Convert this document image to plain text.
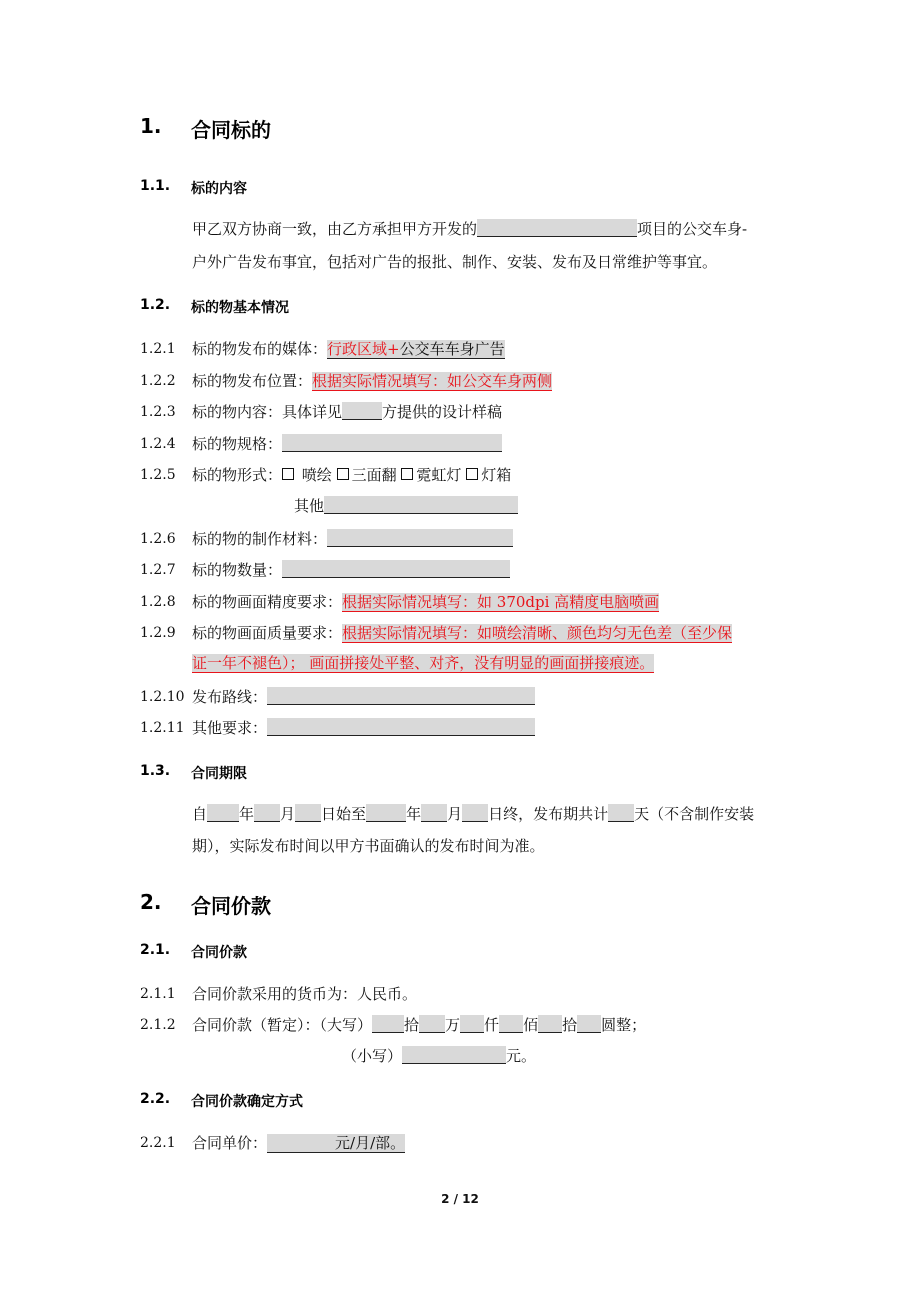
1. 合同标的
1.1. 标的内容
甲乙双方协商一致，由乙方承担甲方开发的	项目的公交车身-
户外广告发布事宜，包括对广告的报批、制作、安装、发布及日常维护等事宜。
1.2. 标的物基本情况
1.2.1 标的物发布的媒体：行政区域+公交车车身广告
1.2.2 标的物发布位置：根据实际情况填写：如公交车身两侧
1.2.3 标的物内容：具体详见	方提供的设计样稿
1.2.4 标的物规格：
1.2.5 标的物形式： 喷绘 三面翻 霓虹灯 灯箱
其他
1.2.6 标的物的制作材料：
1.2.7 标的物数量：
1.2.8 标的物画面精度要求：根据实际情况填写：如 370dpi 高精度电脑喷画
1.2.9 标的物画面质量要求：根据实际情况填写：如喷绘清晰、颜色均匀无色差（至少保
证一年不褪色）； 画面拼接处平整、对齐，没有明显的画面拼接痕迹。
1.2.10 发布路线：
1.2.11 其他要求：
1.3. 合同期限
自 年 月 日始至	年 月 日终，发布期共计 天（不含制作安装
期），实际发布时间以甲方书面确认的发布时间为准。
2. 合同价款
2.1. 合同价款
2.1.1 合同价款采用的货币为：人民币。
2.1.2 合同价款（暂定）：（大写） 拾 万 仟 佰 拾 圆整；
（小写）	元。
2.2. 合同价款确定方式
2.2.1 合同单价：	元/月/部。
2 / 12
